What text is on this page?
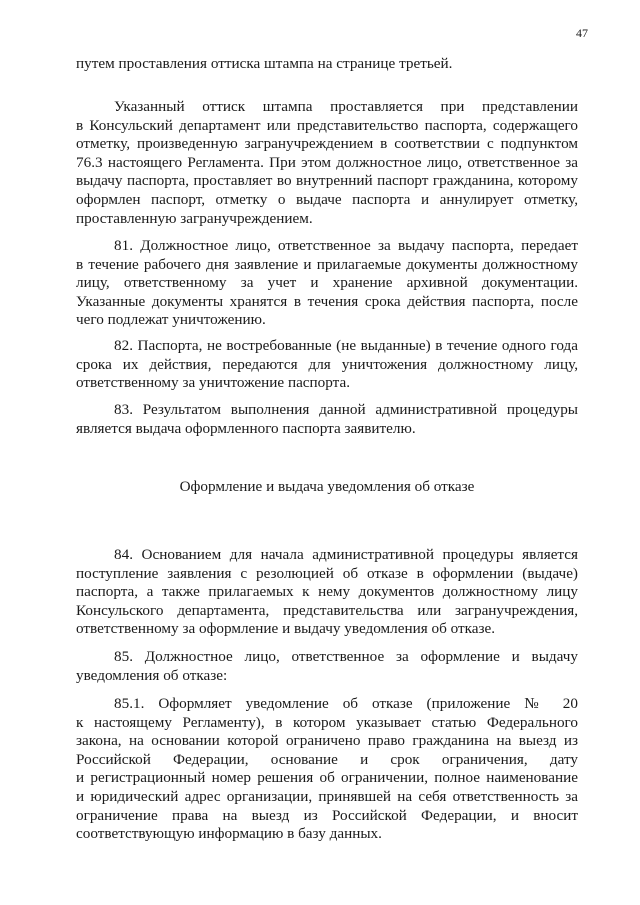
47

путем проставления оттиска штампа на странице третьей.

Указанный оттиск штампа проставляется при представлении
в Консульский департамент или представительство паспорта, содержащего
отметку, произведенную загранучреждением в соответствии с подпунктом
76.3 настоящего Регламента. При этом должностное лицо, ответственное за
выдачу паспорта, проставляет во внутренний паспорт гражданина, которому
оформлен паспорт, отметку о выдаче паспорта и аннулирует отметку,
проставленную загранучреждением.

81. Должностное лицо, ответственное за выдачу паспорта, передает
в течение рабочего дня заявление и прилагаемые документы должностному
лицу, ответственному за учет и хранение архивной документации.
Указанные документы хранятся в течения срока действия паспорта, после
чего подлежат уничтожению.

82. Паспорта, не востребованные (не выданные) в течение одного года
срока их действия, передаются для уничтожения должностному лицу,
ответственному за уничтожение паспорта.

83. Результатом выполнения данной административной процедуры
является выдача оформленного паспорта заявителю.

Оформление и выдача уведомления об отказе

84. Основанием для начала административной процедуры является
поступление заявления с резолюцией об отказе в оформлении (выдаче)
паспорта, а также прилагаемых к нему документов должностному лицу
Консульского департамента, представительства или загранучреждения,
ответственному за оформление и выдачу уведомления об отказе.

85. Должностное лицо, ответственное за оформление и выдачу
уведомления об отказе:

85.1. Оформляет уведомление об отказе (приложение № 20
к настоящему Регламенту), в котором указывает статью Федерального
закона, на основании которой ограничено право гражданина на выезд из
Российской Федерации, основание и срок ограничения, дату
и регистрационный номер решения об ограничении, полное наименование
и юридический адрес организации, принявшей на себя ответственность за
ограничение права на выезд из Российской Федерации, и вносит
соответствующую информацию в базу данных.
